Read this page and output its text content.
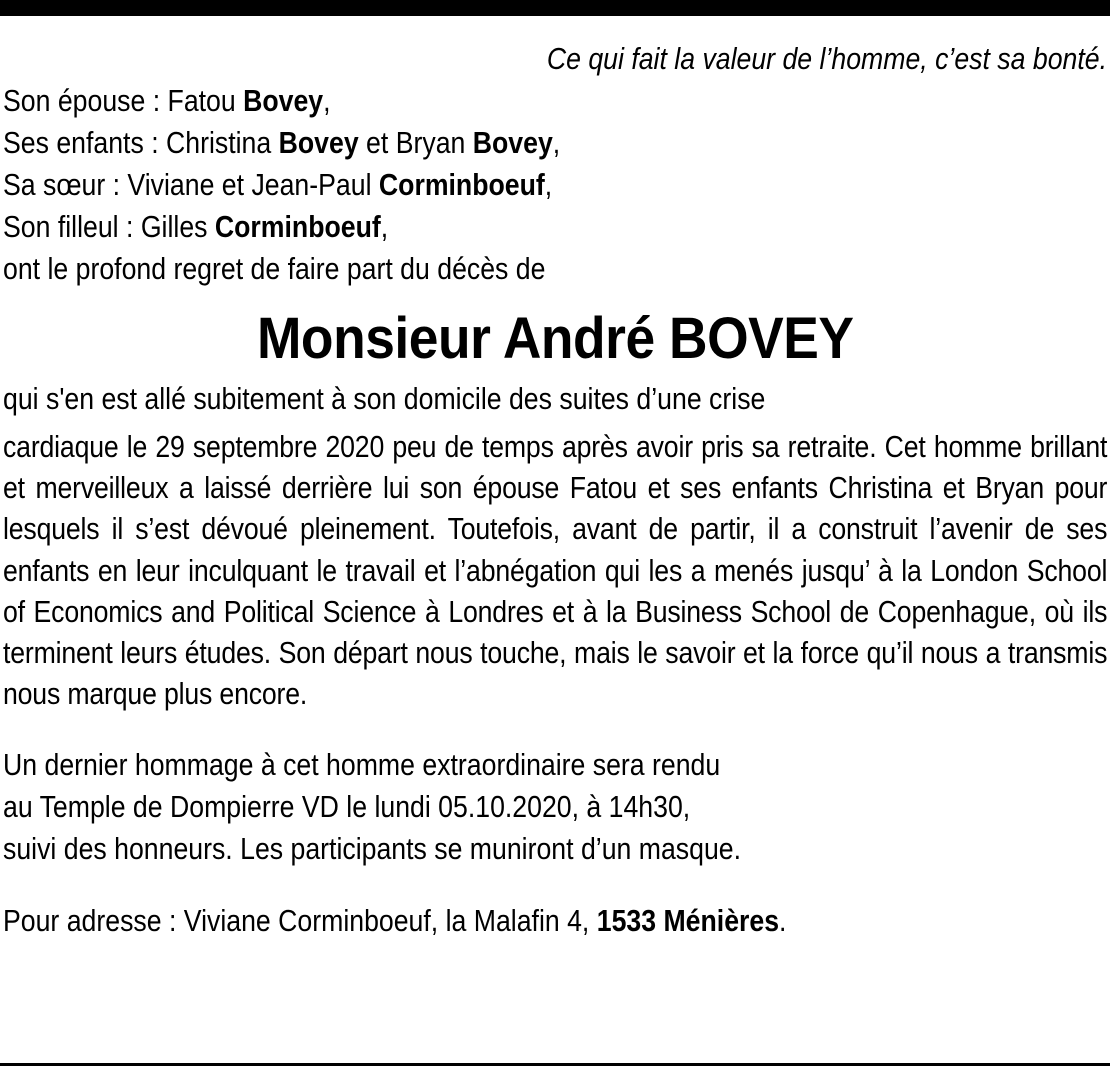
Ce qui fait la valeur de l’homme, c’est sa bonté.
Son épouse : Fatou Bovey,
Ses enfants : Christina Bovey et Bryan Bovey,
Sa sœur : Viviane et Jean-Paul Corminboeuf,
Son filleul : Gilles Corminboeuf,
ont le profond regret de faire part du décès de
Monsieur André BOVEY
qui s'en est allé subitement à son domicile des suites d’une crise
cardiaque le 29 septembre 2020 peu de temps après avoir pris sa retraite. Cet homme brillant et merveilleux a laissé derrière lui son épouse Fatou et ses enfants Christina et Bryan pour lesquels il s’est dévoué pleinement. Toutefois, avant de partir, il a construit l’avenir de ses enfants en leur inculquant le travail et l’abnégation qui les a menés jusqu’ à la London School of Economics and Political Science à Londres et à la Business School de Copenhague, où ils terminent leurs études. Son départ nous touche, mais le savoir et la force qu’il nous a transmis nous marque plus encore.
Un dernier hommage à cet homme extraordinaire sera rendu
au Temple de Dompierre VD le lundi 05.10.2020, à 14h30,
suivi des honneurs. Les participants se muniront d’un masque.
Pour adresse : Viviane Corminboeuf, la Malafin 4, 1533 Ménières.
